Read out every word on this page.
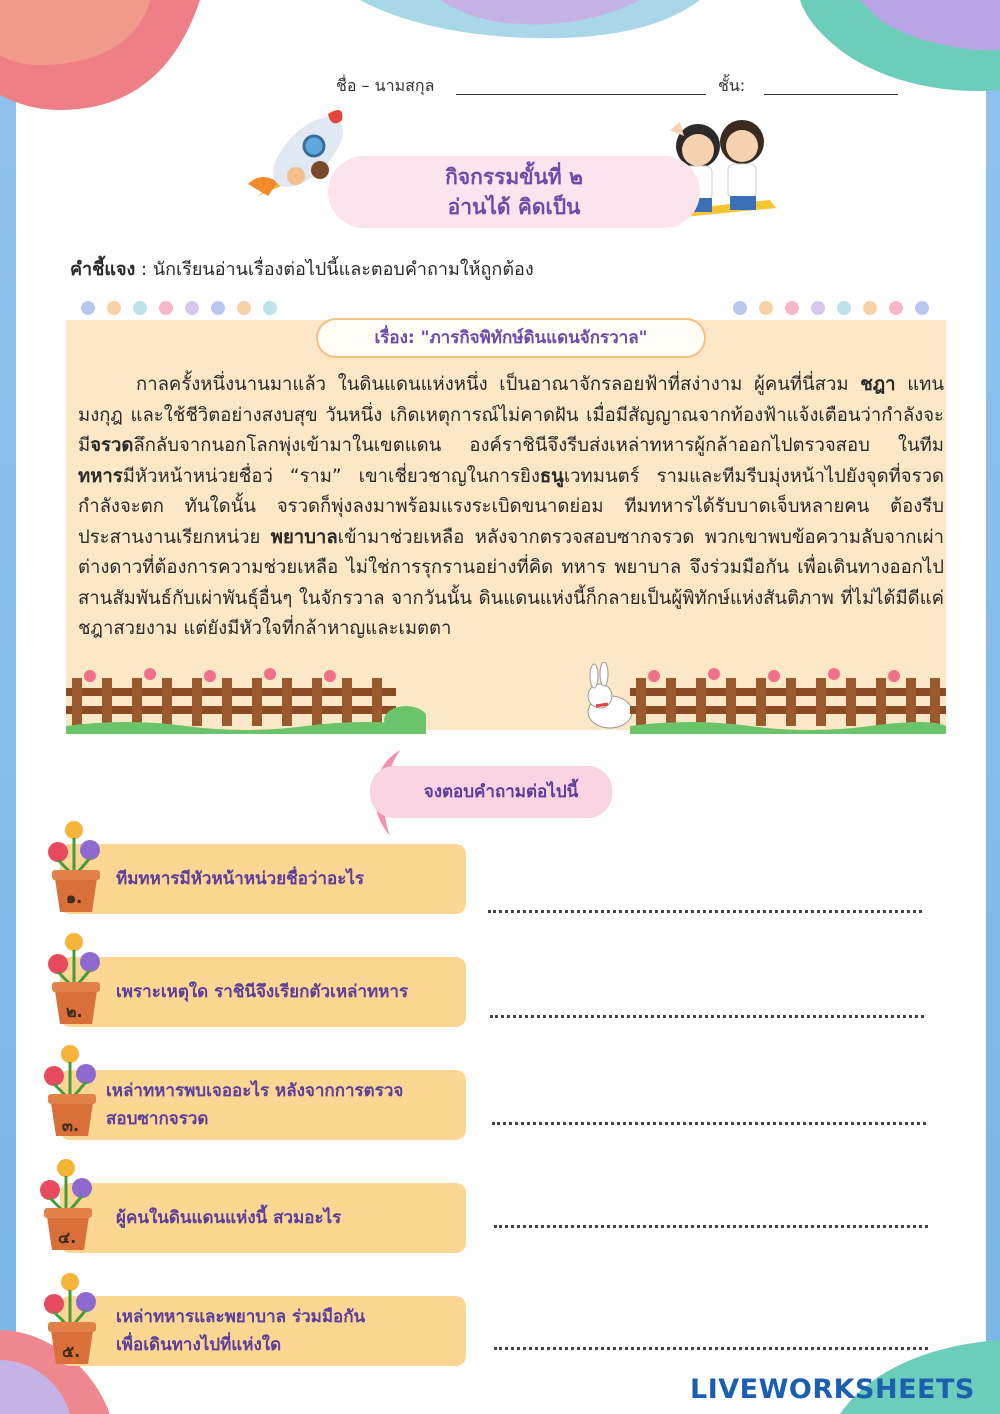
ชื่อ – นามสกุล	ชั้น:
กิจกรรมขั้นที่ ๒
อ่านได้ คิดเป็น
คำชี้แจง : นักเรียนอ่านเรื่องต่อไปนี้และตอบคำถามให้ถูกต้อง
เรื่อง: "ภารกิจพิทักษ์ดินแดนจักรวาล"
กาลครั้งหนึ่งนานมาแล้ว ในดินแดนแห่งหนึ่ง เป็นอาณาจักรลอยฟ้าที่สง่างาม ผู้คนที่นี่สวม ชฎา แทนมงกุฎ และใช้ชีวิตอย่างสงบสุข วันหนึ่ง เกิดเหตุการณ์ไม่คาดฝัน เมื่อมีสัญญาณจากท้องฟ้าแจ้งเตือนว่ากำลังจะมีจรวดลึกลับจากนอกโลกพุ่งเข้ามาในเขตแดน องค์ราชินีจึงรีบส่งเหล่าทหารผู้กล้าออกไปตรวจสอบ ในทีมทหารมีหัวหน้าหน่วยชื่อว่ “ราม” เขาเชี่ยวชาญในการยิงธนูเวทมนตร์ รามและทีมรีบมุ่งหน้าไปยังจุดที่จรวดกำลังจะตก ทันใดนั้น จรวดก็พุ่งลงมาพร้อมแรงระเบิดขนาดย่อม ทีมทหารได้รับบาดเจ็บหลายคน ต้องรีบประสานงานเรียกหน่วย พยาบาลเข้ามาช่วยเหลือ หลังจากตรวจสอบซากจรวด พวกเขาพบข้อความลับจากเผ่าต่างดาวที่ต้องการความช่วยเหลือ ไม่ใช่การรุกรานอย่างที่คิด ทหาร พยาบาล จึงร่วมมือกัน เพื่อเดินทางออกไปสานสัมพันธ์กับเผ่าพันธุ์อื่นๆ ในจักรวาล จากวันนั้น ดินแดนแห่งนี้ก็กลายเป็นผู้พิทักษ์แห่งสันติภาพ ที่ไม่ได้มีดีแค่ ชฎาสวยงาม แต่ยังมีหัวใจที่กล้าหาญและเมตตา
จงตอบคำถามต่อไปนี้
ทีมทหารมีหัวหน้าหน่วยชื่อว่าอะไร
เพราะเหตุใด ราชินีจึงเรียกตัวเหล่าทหาร
เหล่าทหารพบเจออะไร หลังจากการตรวจ
สอบซากจรวด
ผู้คนในดินแดนแห่งนี้ สวมอะไร
เหล่าทหารและพยาบาล ร่วมมือกัน
เพื่อเดินทางไปที่แห่งใด
๑.
๒.
๓.
๔.
๕.
LIVEWORKSHEETS
